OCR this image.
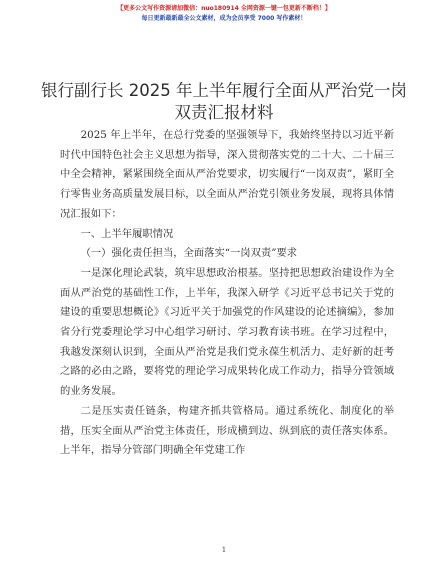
【更多公文写作资源请加微信：nuo180914 全网资源一键一包更新不断档！】
每日更新最新最全公文素材，成为会员享受 7000 写作素材！
银行副行长 2025 年上半年履行全面从严治党一岗双责汇报材料

2025 年上半年，在总行党委的坚强领导下，我始终坚持以习近平新时代中国特色社会主义思想为指导，深入贯彻落实党的二十大、二十届三中全会精神，紧紧围绕全面从严治党要求，切实履行“一岗双责”，紧盯全行零售业务高质量发展目标，以全面从严治党引领业务发展，现将具体情况汇报如下：

一、上半年履职情况

（一）强化责任担当，全面落实“一岗双责”要求

一是深化理论武装，筑牢思想政治根基。坚持把思想政治建设作为全面从严治党的基础性工作，上半年，我深入研学《习近平总书记关于党的建设的重要思想概论》《习近平关于加强党的作风建设的论述摘编》，参加省分行党委理论学习中心组学习研讨、学习教育读书班。在学习过程中，我越发深刻认识到，全面从严治党是我们党永葆生机活力、走好新的赶考之路的必由之路，要将党的理论学习成果转化成工作动力，指导分管领域的业务发展。

二是压实责任链条，构建齐抓共管格局。通过系统化、制度化的举措，压实全面从严治党主体责任，形成横到边、纵到底的责任落实体系。上半年，指导分管部门明确全年党建工作

1
